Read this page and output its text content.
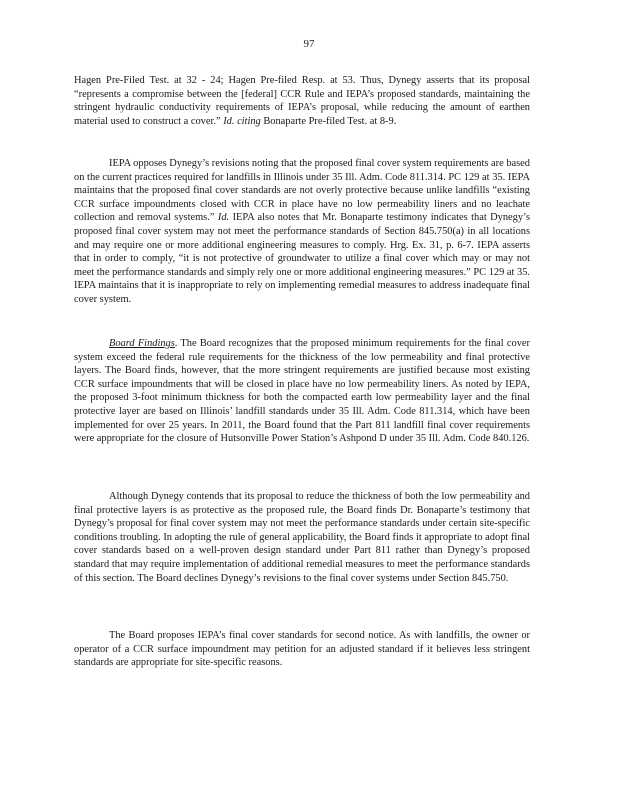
97

Hagen Pre-Filed Test. at 32 - 24; Hagen Pre-filed Resp. at 53. Thus, Dynegy asserts that its proposal “represents a compromise between the [federal] CCR Rule and IEPA’s proposed standards, maintaining the stringent hydraulic conductivity requirements of IEPA’s proposal, while reducing the amount of earthen material used to construct a cover.” Id. citing Bonaparte Pre-filed Test. at 8-9.

IEPA opposes Dynegy’s revisions noting that the proposed final cover system requirements are based on the current practices required for landfills in Illinois under 35 Ill. Adm. Code 811.314. PC 129 at 35. IEPA maintains that the proposed final cover standards are not overly protective because unlike landfills “existing CCR surface impoundments closed with CCR in place have no low permeability liners and no leachate collection and removal systems.” Id. IEPA also notes that Mr. Bonaparte testimony indicates that Dynegy’s proposed final cover system may not meet the performance standards of Section 845.750(a) in all locations and may require one or more additional engineering measures to comply. Hrg. Ex. 31, p. 6-7. IEPA asserts that in order to comply, “it is not protective of groundwater to utilize a final cover which may or may not meet the performance standards and simply rely one or more additional engineering measures.” PC 129 at 35. IEPA maintains that it is inappropriate to rely on implementing remedial measures to address inadequate final cover system.

Board Findings. The Board recognizes that the proposed minimum requirements for the final cover system exceed the federal rule requirements for the thickness of the low permeability and final protective layers. The Board finds, however, that the more stringent requirements are justified because most existing CCR surface impoundments that will be closed in place have no low permeability liners. As noted by IEPA, the proposed 3-foot minimum thickness for both the compacted earth low permeability layer and the final protective layer are based on Illinois’ landfill standards under 35 Ill. Adm. Code 811.314, which have been implemented for over 25 years. In 2011, the Board found that the Part 811 landfill final cover requirements were appropriate for the closure of Hutsonville Power Station’s Ashpond D under 35 Ill. Adm. Code 840.126.

Although Dynegy contends that its proposal to reduce the thickness of both the low permeability and final protective layers is as protective as the proposed rule, the Board finds Dr. Bonaparte’s testimony that Dynegy’s proposal for final cover system may not meet the performance standards under certain site-specific conditions troubling. In adopting the rule of general applicability, the Board finds it appropriate to adopt final cover standards based on a well-proven design standard under Part 811 rather than Dynegy’s proposed standard that may require implementation of additional remedial measures to meet the performance standards of this section. The Board declines Dynegy’s revisions to the final cover systems under Section 845.750.

The Board proposes IEPA’s final cover standards for second notice. As with landfills, the owner or operator of a CCR surface impoundment may petition for an adjusted standard if it believes less stringent standards are appropriate for site-specific reasons.
